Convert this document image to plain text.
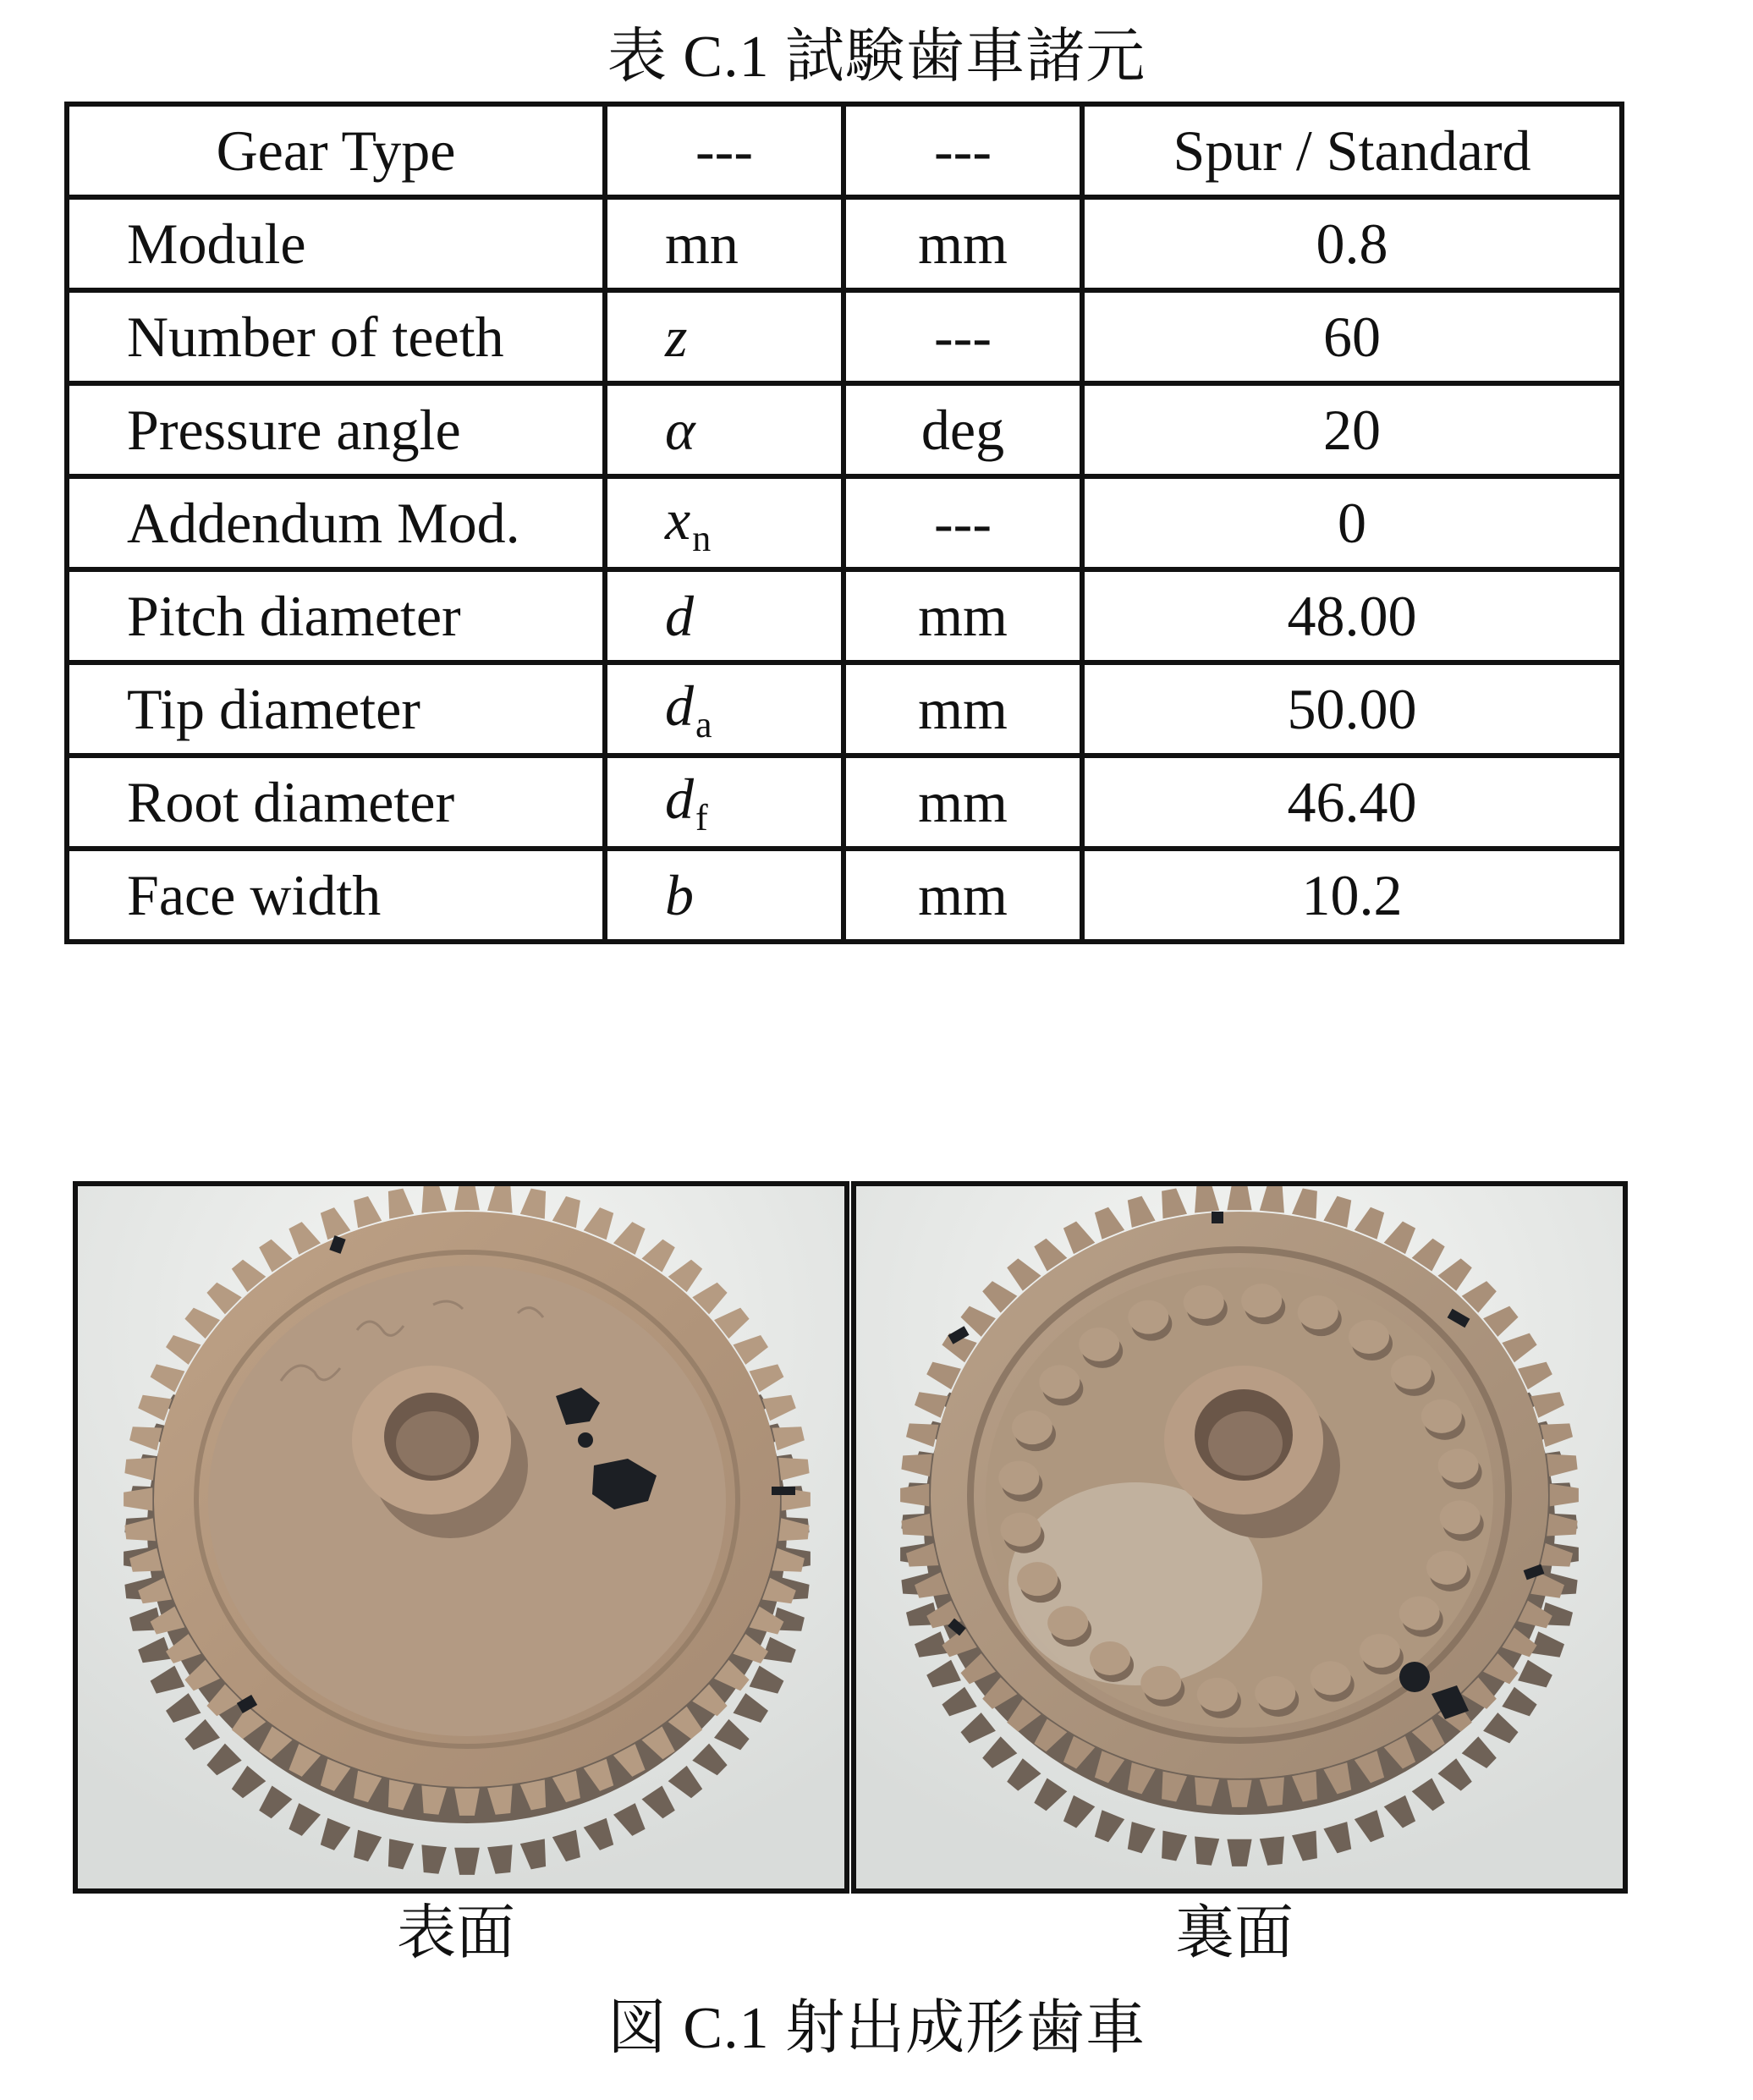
表 C.1 試験歯車諸元
Gear Type	---	---	Spur / Standard
Module	mn	mm	0.8
Number of teeth	z	---	60
Pressure angle	α	deg	20
Addendum Mod.	$x_n$	---	0
Pitch diameter	d	mm	48.00
Tip diameter	$d_a$	mm	50.00
Root diameter	$d_f$	mm	46.40
Face width	b	mm	10.2
表面	裏面
図 C.1 射出成形歯車
